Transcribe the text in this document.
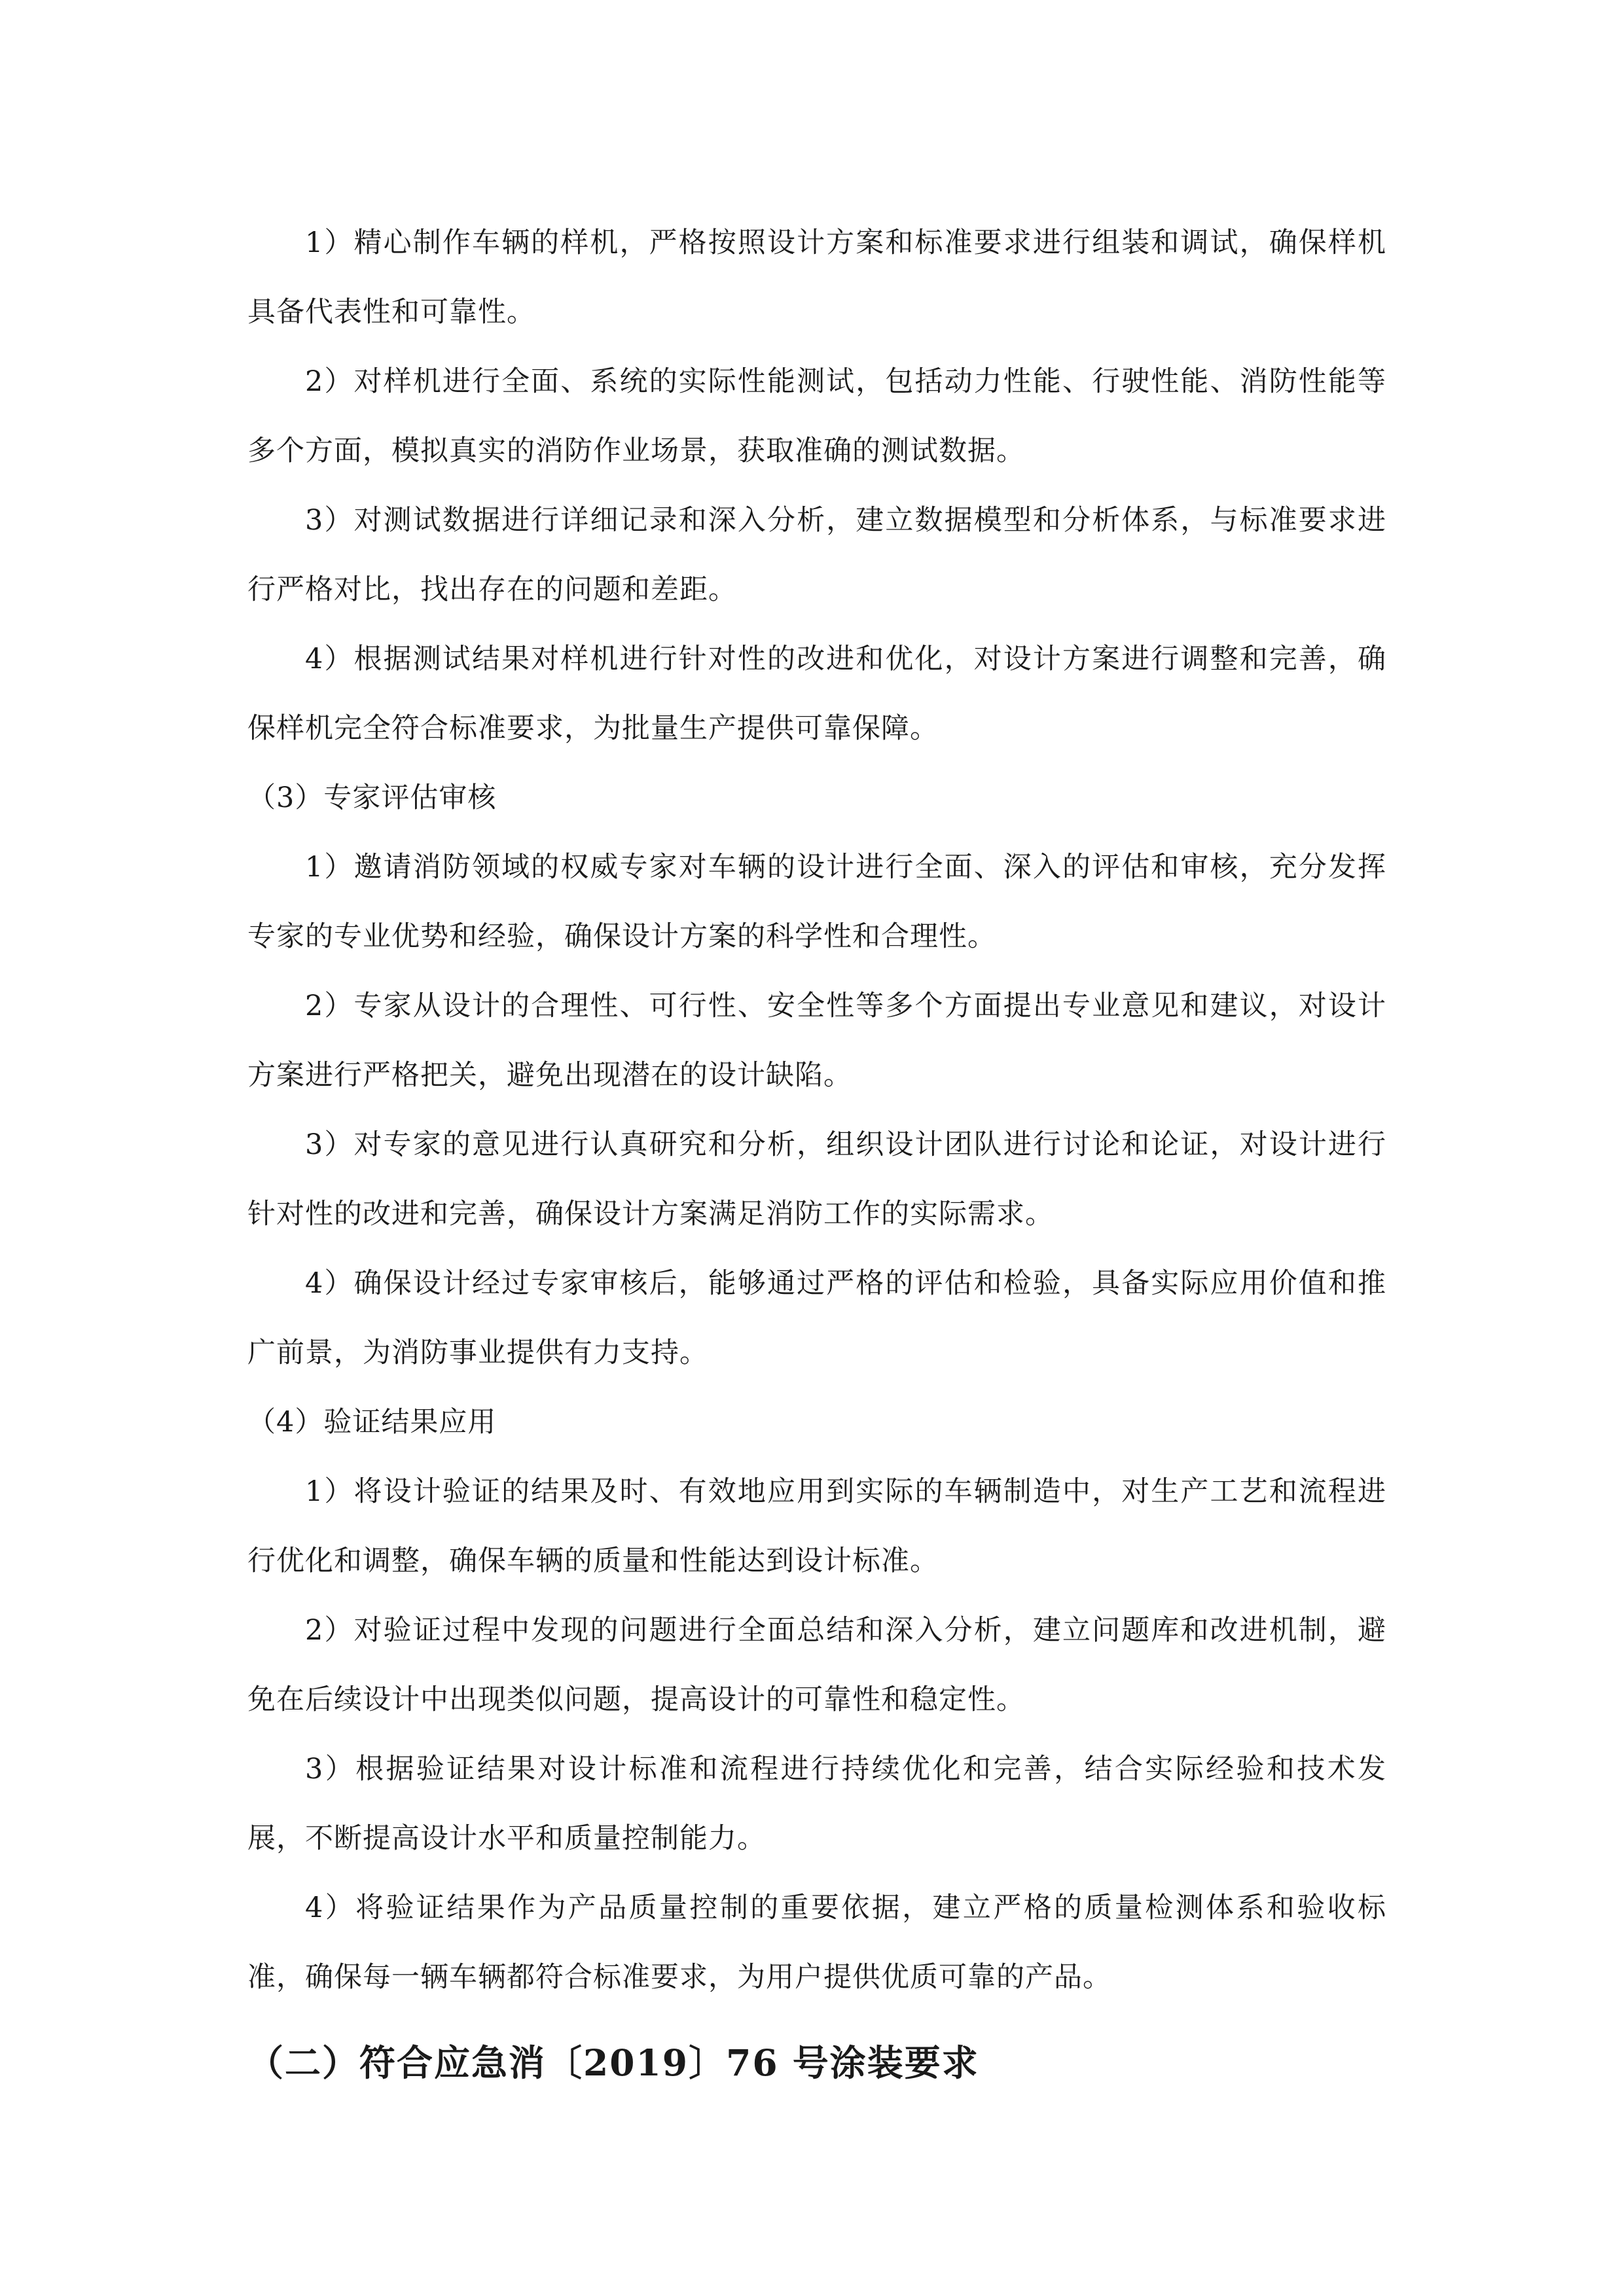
1）精心制作车辆的样机，严格按照设计方案和标准要求进行组装和调试，确保样机具备代表性和可靠性。

2）对样机进行全面、系统的实际性能测试，包括动力性能、行驶性能、消防性能等多个方面，模拟真实的消防作业场景，获取准确的测试数据。

3）对测试数据进行详细记录和深入分析，建立数据模型和分析体系，与标准要求进行严格对比，找出存在的问题和差距。

4）根据测试结果对样机进行针对性的改进和优化，对设计方案进行调整和完善，确保样机完全符合标准要求，为批量生产提供可靠保障。

（3）专家评估审核

1）邀请消防领域的权威专家对车辆的设计进行全面、深入的评估和审核，充分发挥专家的专业优势和经验，确保设计方案的科学性和合理性。

2）专家从设计的合理性、可行性、安全性等多个方面提出专业意见和建议，对设计方案进行严格把关，避免出现潜在的设计缺陷。

3）对专家的意见进行认真研究和分析，组织设计团队进行讨论和论证，对设计进行针对性的改进和完善，确保设计方案满足消防工作的实际需求。

4）确保设计经过专家审核后，能够通过严格的评估和检验，具备实际应用价值和推广前景，为消防事业提供有力支持。

（4）验证结果应用

1）将设计验证的结果及时、有效地应用到实际的车辆制造中，对生产工艺和流程进行优化和调整，确保车辆的质量和性能达到设计标准。

2）对验证过程中发现的问题进行全面总结和深入分析，建立问题库和改进机制，避免在后续设计中出现类似问题，提高设计的可靠性和稳定性。

3）根据验证结果对设计标准和流程进行持续优化和完善，结合实际经验和技术发展，不断提高设计水平和质量控制能力。

4）将验证结果作为产品质量控制的重要依据，建立严格的质量检测体系和验收标准，确保每一辆车辆都符合标准要求，为用户提供优质可靠的产品。

（二）符合应急消〔2019〕76 号涂装要求
